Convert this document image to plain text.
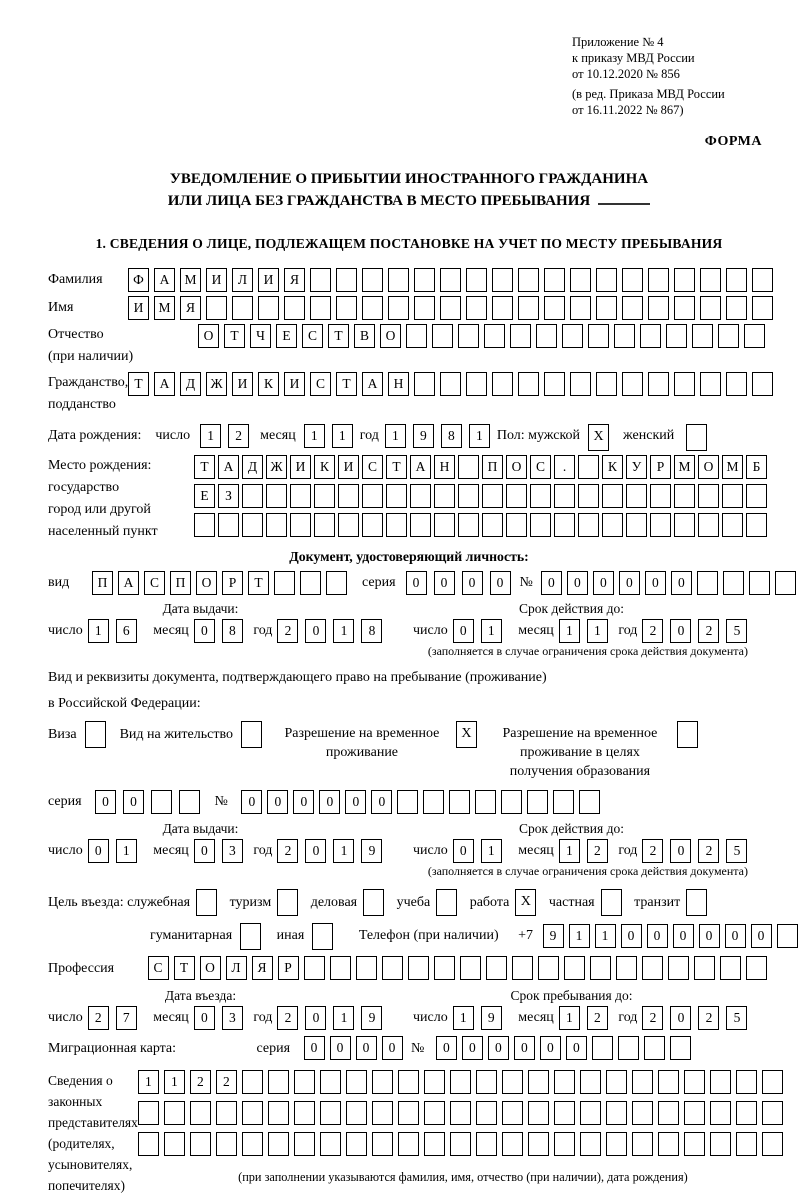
Приложение № 4
к приказу МВД России
от 10.12.2020 № 856
(в ред. Приказа МВД России
от 16.11.2022 № 867)
ФОРМА
УВЕДОМЛЕНИЕ О ПРИБЫТИИ ИНОСТРАННОГО ГРАЖДАНИНА
ИЛИ ЛИЦА БЕЗ ГРАЖДАНСТВА В МЕСТО ПРЕБЫВАНИЯ
1. СВЕДЕНИЯ О ЛИЦЕ, ПОДЛЕЖАЩЕМ ПОСТАНОВКЕ НА УЧЕТ ПО МЕСТУ ПРЕБЫВАНИЯ
Фамилия	Ф А М И Л И Я
Имя	И М Я
Отчество
(при наличии)
О Т Ч Е С Т В О
Гражданство,
подданство
Т А Д Ж И К И С Т А Н
Дата рождения: число	1 2	месяц	1 1	год 1 9 8 1	Пол: мужской X	женский
Место рождения:
государство
город или другой
населенный пункт
Т А Д Ж И К И С Т А Н	П О С .	К У Р М О М Б
Е З
Документ, удостоверяющий личность:
вид	П А С П О Р Т	серия	0 0 0 0	№	0 0 0 0 0 0
Дата выдачи:
число 1 6 месяц 0 8 год 2 0 1 8
Срок действия до:
число 0 1 месяц 1 1 год 2 0 2 5
(заполняется в случае ограничения срока действия документа)
Вид и реквизиты документа, подтверждающего право на пребывание (проживание)
в Российской Федерации:
Виза	Вид на жительство	Разрешение на временное проживание
X	Разрешение на временное проживание в целях получения образования
серия 0 0	№ 0 0 0 0 0 0
Дата выдачи:
число 0 1 месяц 0 3 год 2 0 1 9
Срок действия до:
число 0 1 месяц 1 2 год 2 0 2 5
(заполняется в случае ограничения срока действия документа)
Цель въезда: служебная	туризм	деловая	учеба	работа X частная	транзит
гуманитарная	иная	Телефон (при наличии) +7 9 1 1 0 0 0 0 0 0
Профессия	С Т О Л Я Р
Дата въезда:
число 2 7 месяц 0 3 год 2 0 1 9
Срок пребывания до:
число 1 9 месяц 1 2 год 2 0 2 5
Миграционная карта:	серия 0 0 0 0 № 0 0 0 0 0 0
Сведения о
законных
представителях
(родителях,
усыновителях,
попечителях)
1 1 2 2
(при заполнении указываются фамилия, имя, отчество (при наличии), дата рождения)
